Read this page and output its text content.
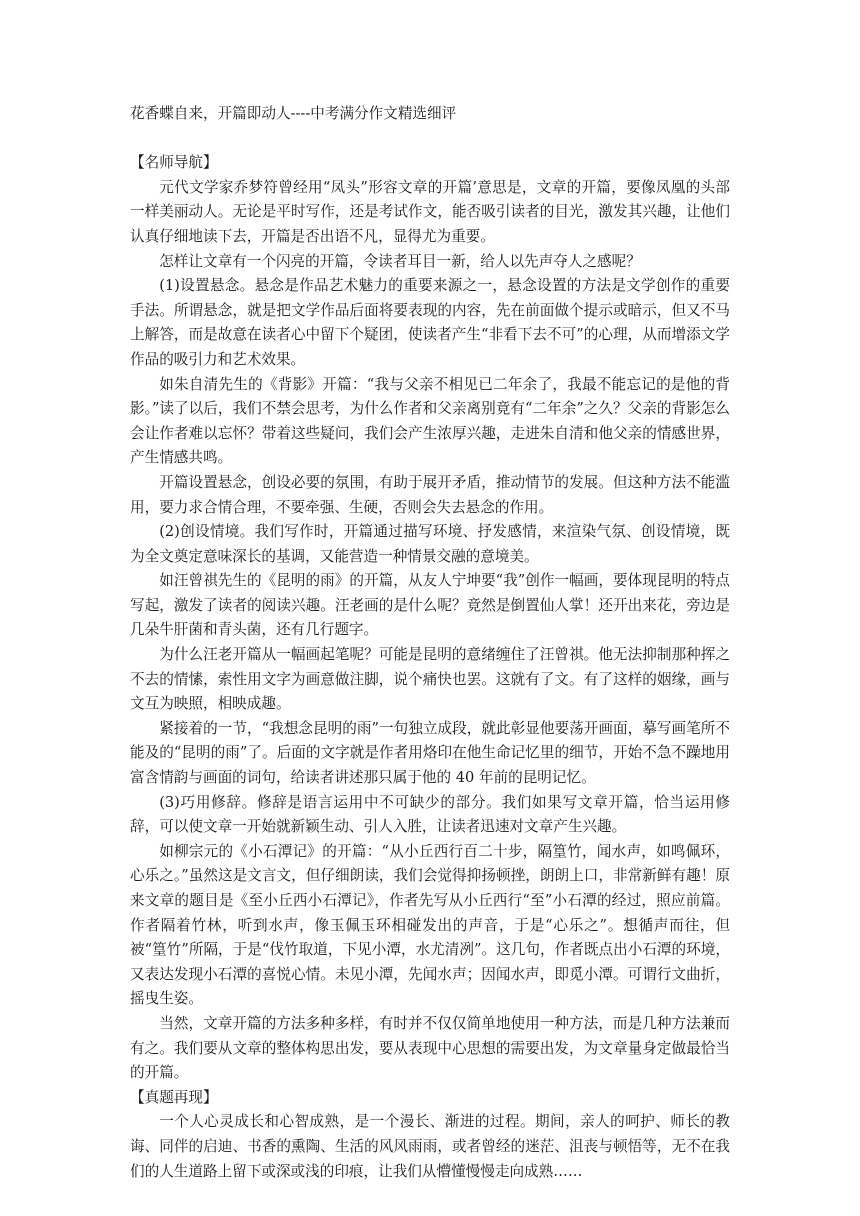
花香蝶自来，开篇即动人----中考满分作文精选细评
【名师导航】
元代文学家乔梦符曾经用“凤头”形容文章的开篇’意思是，文章的开篇，要像凤凰的头部一样美丽动人。无论是平时写作，还是考试作文，能否吸引读者的目光，激发其兴趣，让他们认真仔细地读下去，开篇是否出语不凡，显得尤为重要。
怎样让文章有一个闪亮的开篇，令读者耳目一新，给人以先声夺人之感呢？
(1)设置悬念。悬念是作品艺术魅力的重要来源之一，悬念设置的方法是文学创作的重要手法。所谓悬念，就是把文学作品后面将要表现的内容，先在前面做个提示或暗示，但又不马上解答，而是故意在读者心中留下个疑团，使读者产生“非看下去不可”的心理，从而增添文学作品的吸引力和艺术效果。
如朱自清先生的《背影》开篇：“我与父亲不相见已二年余了，我最不能忘记的是他的背影。”读了以后，我们不禁会思考，为什么作者和父亲离别竟有“二年余”之久？父亲的背影怎么会让作者难以忘怀？带着这些疑问，我们会产生浓厚兴趣，走进朱自清和他父亲的情感世界，产生情感共鸣。
开篇设置悬念，创设必要的氛围，有助于展开矛盾，推动情节的发展。但这种方法不能滥用，要力求合情合理，不要牵强、生硬，否则会失去悬念的作用。
(2)创设情境。我们写作时，开篇通过描写环境、抒发感情，来渲染气氛、创设情境，既为全文奠定意味深长的基调，又能营造一种情景交融的意境美。
如汪曾祺先生的《昆明的雨》的开篇，从友人宁坤要“我”创作一幅画，要体现昆明的特点写起，激发了读者的阅读兴趣。汪老画的是什么呢？竟然是倒置仙人掌！还开出来花，旁边是几朵牛肝菌和青头菌，还有几行题字。
为什么汪老开篇从一幅画起笔呢？可能是昆明的意绪缠住了汪曾祺。他无法抑制那种挥之不去的情愫，索性用文字为画意做注脚，说个痛快也罢。这就有了文。有了这样的姻缘，画与文互为映照，相映成趣。
紧接着的一节，“我想念昆明的雨”一句独立成段，就此彰显他要荡开画面，摹写画笔所不能及的“昆明的雨”了。后面的文字就是作者用烙印在他生命记忆里的细节，开始不急不躁地用富含情韵与画面的词句，给读者讲述那只属于他的 40 年前的昆明记忆。
(3)巧用修辞。修辞是语言运用中不可缺少的部分。我们如果写文章开篇，恰当运用修辞，可以使文章一开始就新颖生动、引人入胜，让读者迅速对文章产生兴趣。
如柳宗元的《小石潭记》的开篇：“从小丘西行百二十步，隔篁竹，闻水声，如鸣佩环，心乐之。”虽然这是文言文，但仔细朗读，我们会觉得抑扬顿挫，朗朗上口，非常新鲜有趣！原来文章的题目是《至小丘西小石潭记》，作者先写从小丘西行“至”小石潭的经过，照应前篇。作者隔着竹林，听到水声，像玉佩玉环相碰发出的声音，于是“心乐之”。想循声而往，但被“篁竹”所隔，于是“伐竹取道，下见小潭，水尤清冽”。这几句，作者既点出小石潭的环境，又表达发现小石潭的喜悦心情。未见小潭，先闻水声；因闻水声，即觅小潭。可谓行文曲折，摇曳生姿。
当然，文章开篇的方法多种多样，有时并不仅仅简单地使用一种方法，而是几种方法兼而有之。我们要从文章的整体构思出发，要从表现中心思想的需要出发，为文章量身定做最恰当的开篇。
【真题再现】
一个人心灵成长和心智成熟，是一个漫长、渐进的过程。期间，亲人的呵护、师长的教诲、同伴的启迪、书香的熏陶、生活的风风雨雨，或者曾经的迷茫、沮丧与顿悟等，无不在我们的人生道路上留下或深或浅的印痕，让我们从懵懂慢慢走向成熟……
